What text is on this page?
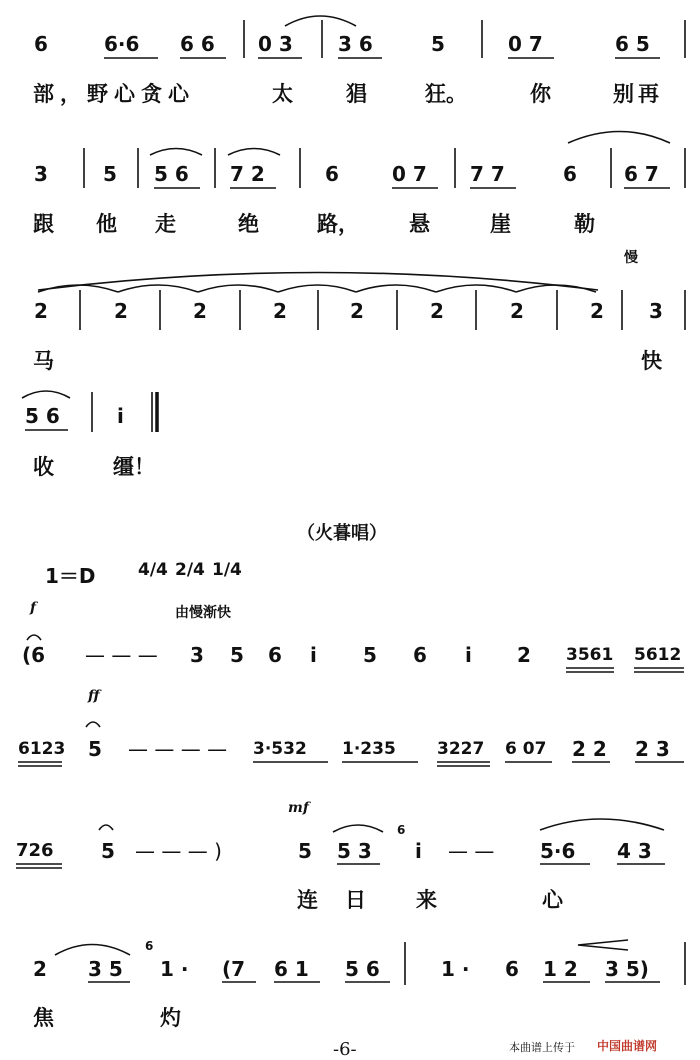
6	6·6 6 6 0 3 3 6	5	0 7	6 5
部，野心贪心	太	猖	狂。	你	别再
3	5 5 6 7 2	6	0 7 7 7	6 6 7
跟 他 走	绝	路， 悬	崖	勒
慢
2	2	2	2	2	2	2	2 3
马	快
5 6	i
收	缰！
（火暮唱）
1＝D 4/4 2/4 1/4
f	由慢渐快
(6 — — — 3 5 6 i 5 6 i 2 3561 5612
ff
6123 5 — — — — 3·532 1·235 3227 6 07 2 2 2 3
mf
726 5 — — — )	5 5 3
6
i — — 5·6 4 3
连 日 来	心
2 3 5
6
1 · (7 6 1 5 6	1 · 6 1 2 3 5)
焦	灼
-6-	本曲谱上传于 中国曲谱网
